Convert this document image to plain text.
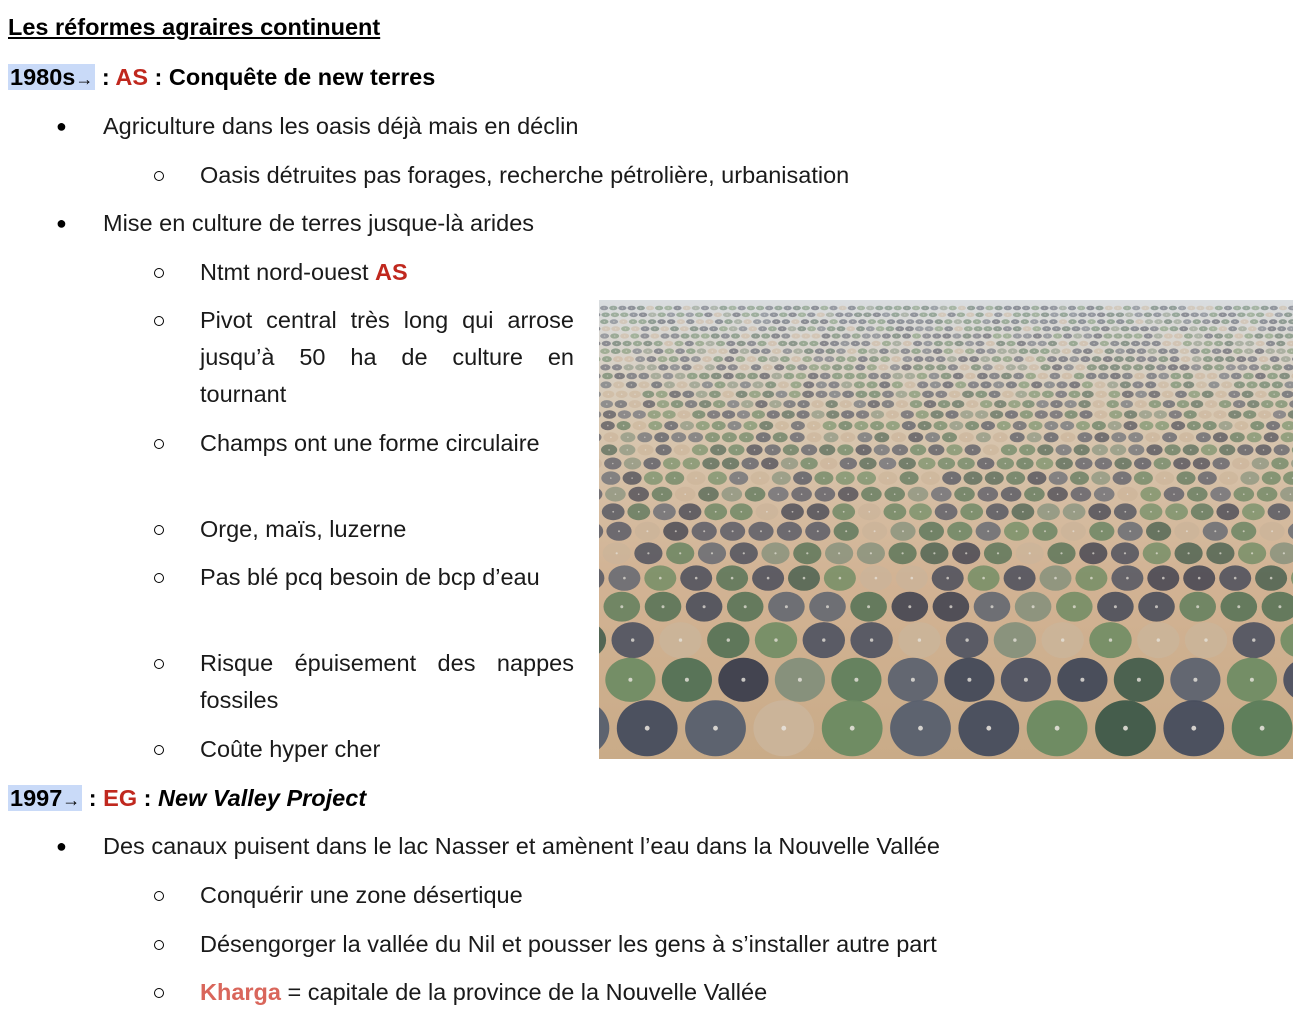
Les réformes agraires continuent
1980s→ : AS : Conquête de new terres
● Agriculture dans les oasis déjà mais en déclin
Oasis détruites pas forages, recherche pétrolière, urbanisation
● Mise en culture de terres jusque-là arides
Ntmt nord-ouest AS
Pivot central très long qui arrose jusqu’à 50 ha de culture en tournant
Champs ont une forme circulaire
Orge, maïs, luzerne
Pas blé pcq besoin de bcp d’eau
Risque épuisement des nappes fossiles
Coûte hyper cher
1997→ : EG : New Valley Project
● Des canaux puisent dans le lac Nasser et amènent l’eau dans la Nouvelle Vallée
Conquérir une zone désertique
Désengorger la vallée du Nil et pousser les gens à s’installer autre part
Kharga = capitale de la province de la Nouvelle Vallée
